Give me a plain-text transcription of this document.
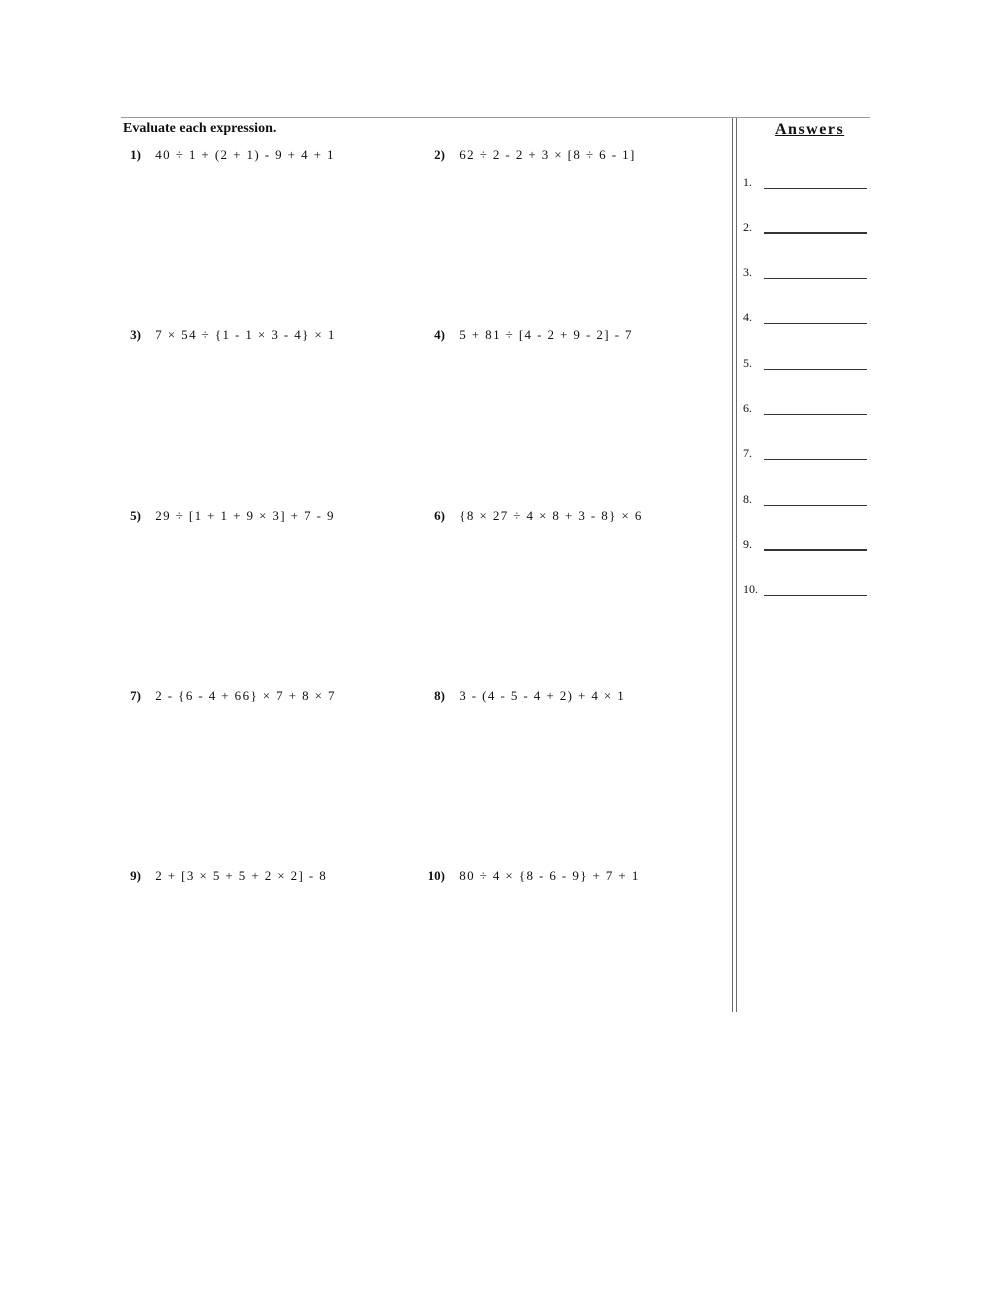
Evaluate each expression.
1) 40 ÷ 1 + (2 + 1) - 9 + 4 + 1
3) 7 × 54 ÷ {1 - 1 × 3 - 4} × 1
5) 29 ÷ [1 + 1 + 9 × 3] + 7 - 9
7) 2 - {6 - 4 + 66} × 7 + 8 × 7
9) 2 + [3 × 5 + 5 + 2 × 2] - 8
2) 62 ÷ 2 - 2 + 3 × [8 ÷ 6 - 1]
4) 5 + 81 ÷ [4 - 2 + 9 - 2] - 7
6) {8 × 27 ÷ 4 × 8 + 3 - 8} × 6
8) 3 - (4 - 5 - 4 + 2) + 4 × 1
10) 80 ÷ 4 × {8 - 6 - 9} + 7 + 1
Answers
1.
2.
3.
4.
5.
6.
7.
8.
9.
10.
